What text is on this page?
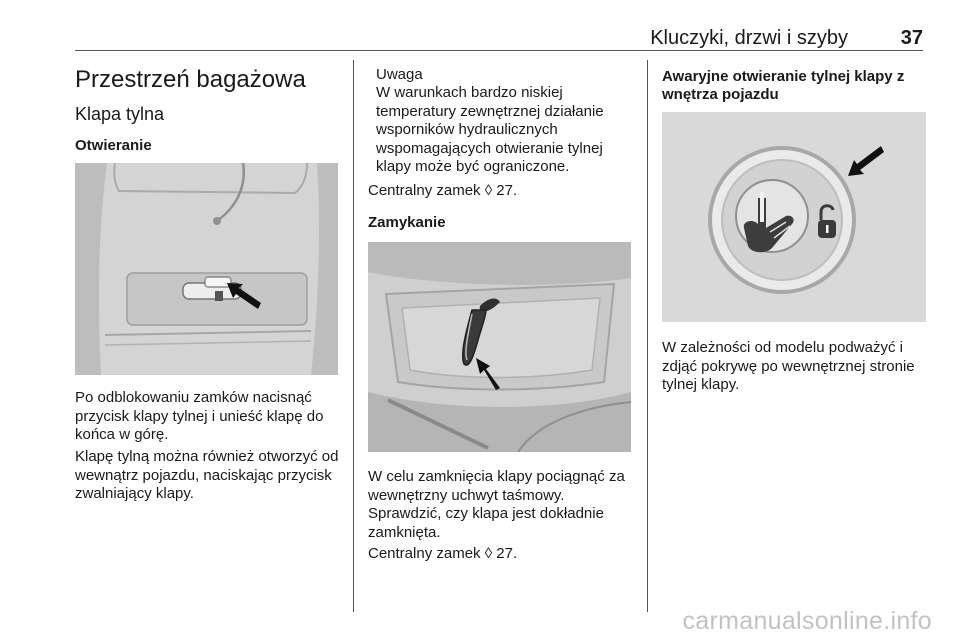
Kluczyki, drzwi i szyby	37
Przestrzeń bagażowa
Klapa tylna
Otwieranie
Po odblokowaniu zamków nacisnąć przycisk klapy tylnej i unieść klapę do końca w górę.
Klapę tylną można również otworzyć od wewnątrz pojazdu, naciskając przycisk zwalniający klapy.
Uwaga
W warunkach bardzo niskiej temperatury zewnętrznej działanie wsporników hydraulicznych wspomagających otwieranie tylnej klapy może być ograniczone.
Centralny zamek ◊ 27.
Zamykanie
W celu zamknięcia klapy pociągnąć za wewnętrzny uchwyt taśmowy. Sprawdzić, czy klapa jest dokładnie zamknięta.
Centralny zamek ◊ 27.
Awaryjne otwieranie tylnej klapy z wnętrza pojazdu
W zależności od modelu podważyć i zdjąć pokrywę po wewnętrznej stronie tylnej klapy.
carmanualsonline.info
